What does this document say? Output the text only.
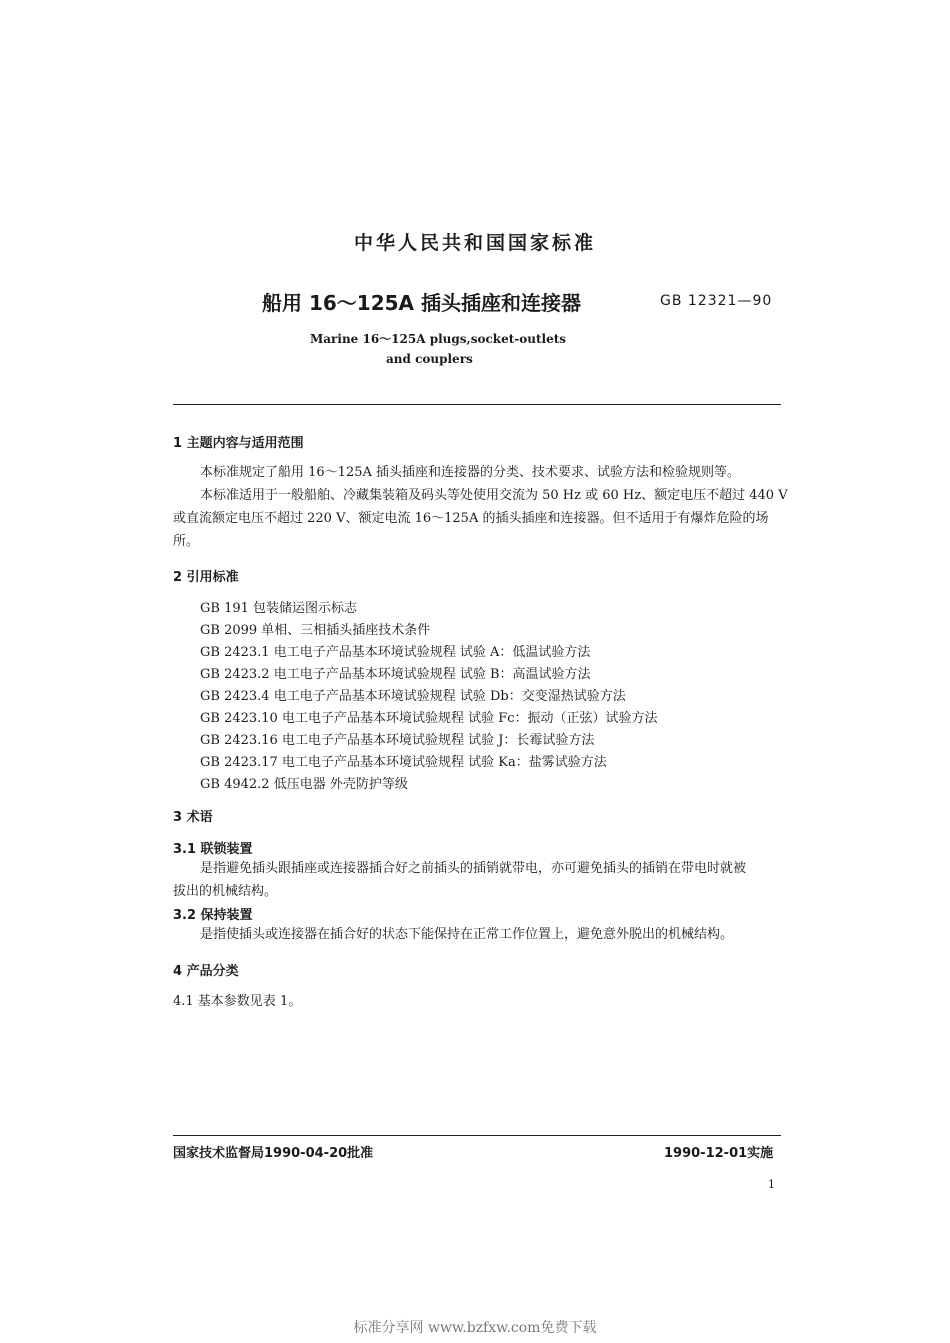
中华人民共和国国家标准
船用 16～125A 插头插座和连接器	GB 12321—90
Marine 16～125A plugs,socket-outlets
and couplers
1 主题内容与适用范围
本标准规定了船用 16～125A 插头插座和连接器的分类、技术要求、试验方法和检验规则等。
本标准适用于一般船舶、冷藏集装箱及码头等处使用交流为 50 Hz 或 60 Hz、额定电压不超过 440 V
或直流额定电压不超过 220 V、额定电流 16～125A 的插头插座和连接器。但不适用于有爆炸危险的场
所。
2 引用标准
GB 191 包装储运图示标志
GB 2099 单相、三相插头插座技术条件
GB 2423.1 电工电子产品基本环境试验规程 试验 A：低温试验方法
GB 2423.2 电工电子产品基本环境试验规程 试验 B：高温试验方法
GB 2423.4 电工电子产品基本环境试验规程 试验 Db：交变湿热试验方法
GB 2423.10 电工电子产品基本环境试验规程 试验 Fc：振动（正弦）试验方法
GB 2423.16 电工电子产品基本环境试验规程 试验 J：长霉试验方法
GB 2423.17 电工电子产品基本环境试验规程 试验 Ka：盐雾试验方法
GB 4942.2 低压电器 外壳防护等级
3 术语
3.1 联锁装置
是指避免插头跟插座或连接器插合好之前插头的插销就带电，亦可避免插头的插销在带电时就被
拔出的机械结构。
3.2 保持装置
是指使插头或连接器在插合好的状态下能保持在正常工作位置上，避免意外脱出的机械结构。
4 产品分类
4.1 基本参数见表 1。
国家技术监督局1990-04-20批准	1990-12-01实施
1
标准分享网 www.bzfxw.com免费下载
